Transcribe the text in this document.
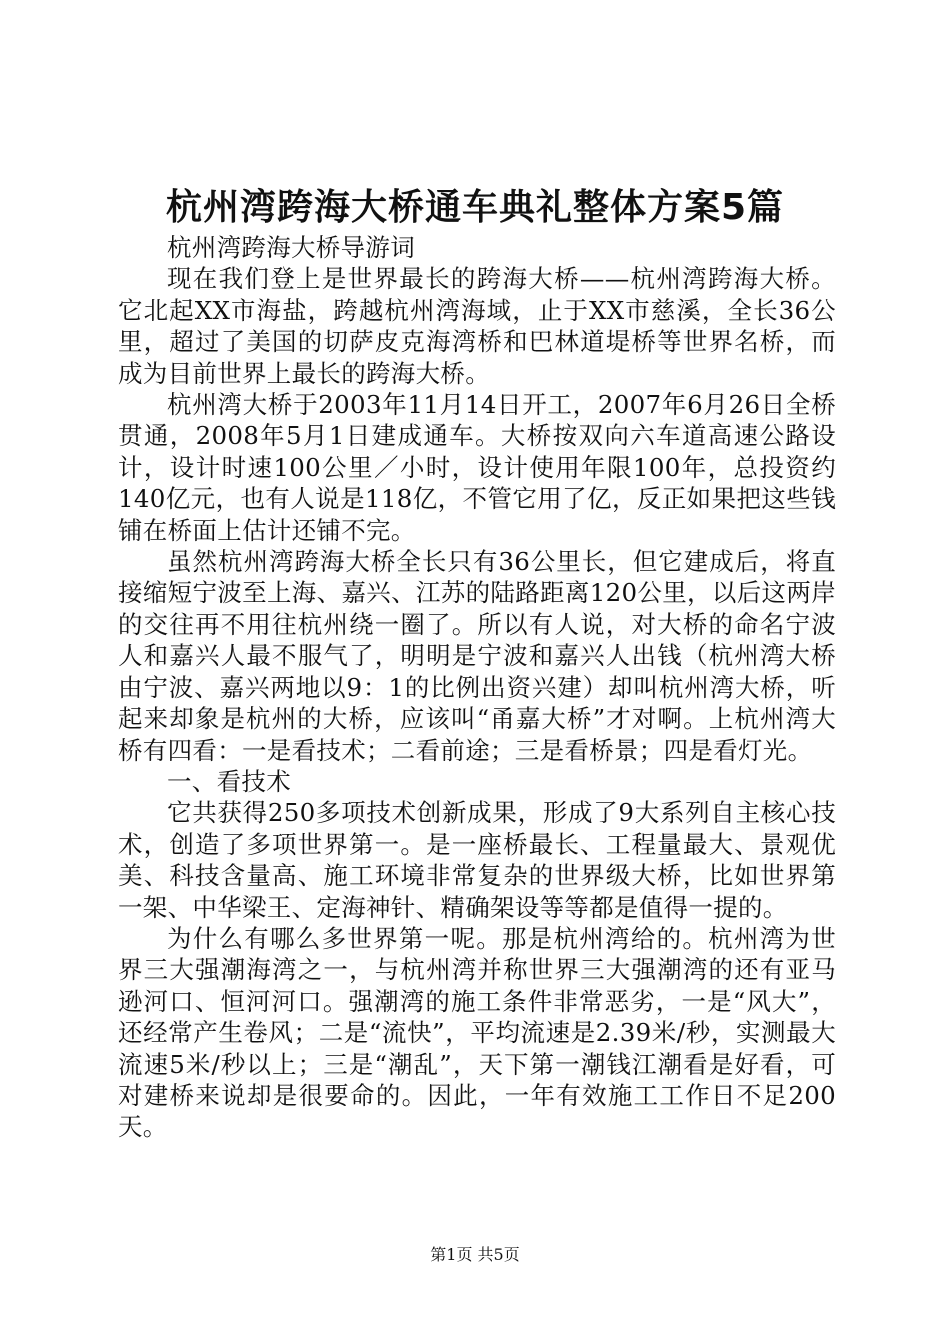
杭州湾跨海大桥通车典礼整体方案5篇

杭州湾跨海大桥导游词

现在我们登上是世界最长的跨海大桥——杭州湾跨海大桥。它北起XX市海盐，跨越杭州湾海域，止于XX市慈溪，全长36公里，超过了美国的切萨皮克海湾桥和巴林道堤桥等世界名桥，而成为目前世界上最长的跨海大桥。

杭州湾大桥于2003年11月14日开工，2007年6月26日全桥贯通，2008年5月1日建成通车。大桥按双向六车道高速公路设计，设计时速100公里／小时，设计使用年限100年，总投资约140亿元，也有人说是118亿，不管它用了亿，反正如果把这些钱铺在桥面上估计还铺不完。

虽然杭州湾跨海大桥全长只有36公里长，但它建成后，将直接缩短宁波至上海、嘉兴、江苏的陆路距离120公里，以后这两岸的交往再不用往杭州绕一圈了。所以有人说，对大桥的命名宁波人和嘉兴人最不服气了，明明是宁波和嘉兴人出钱（杭州湾大桥由宁波、嘉兴两地以9：1的比例出资兴建）却叫杭州湾大桥，听起来却象是杭州的大桥，应该叫“甬嘉大桥”才对啊。上杭州湾大桥有四看：一是看技术；二看前途；三是看桥景；四是看灯光。

一、看技术

它共获得250多项技术创新成果，形成了9大系列自主核心技术，创造了多项世界第一。是一座桥最长、工程量最大、景观优美、科技含量高、施工环境非常复杂的世界级大桥，比如世界第一架、中华梁王、定海神针、精确架设等等都是值得一提的。

为什么有哪么多世界第一呢。那是杭州湾给的。杭州湾为世界三大强潮海湾之一，与杭州湾并称世界三大强潮湾的还有亚马逊河口、恒河河口。强潮湾的施工条件非常恶劣，一是“风大”，还经常产生卷风；二是“流快”，平均流速是2.39米/秒，实测最大流速5米/秒以上；三是“潮乱”，天下第一潮钱江潮看是好看，可对建桥来说却是很要命的。因此，一年有效施工工作日不足200天。

第1页 共5页
